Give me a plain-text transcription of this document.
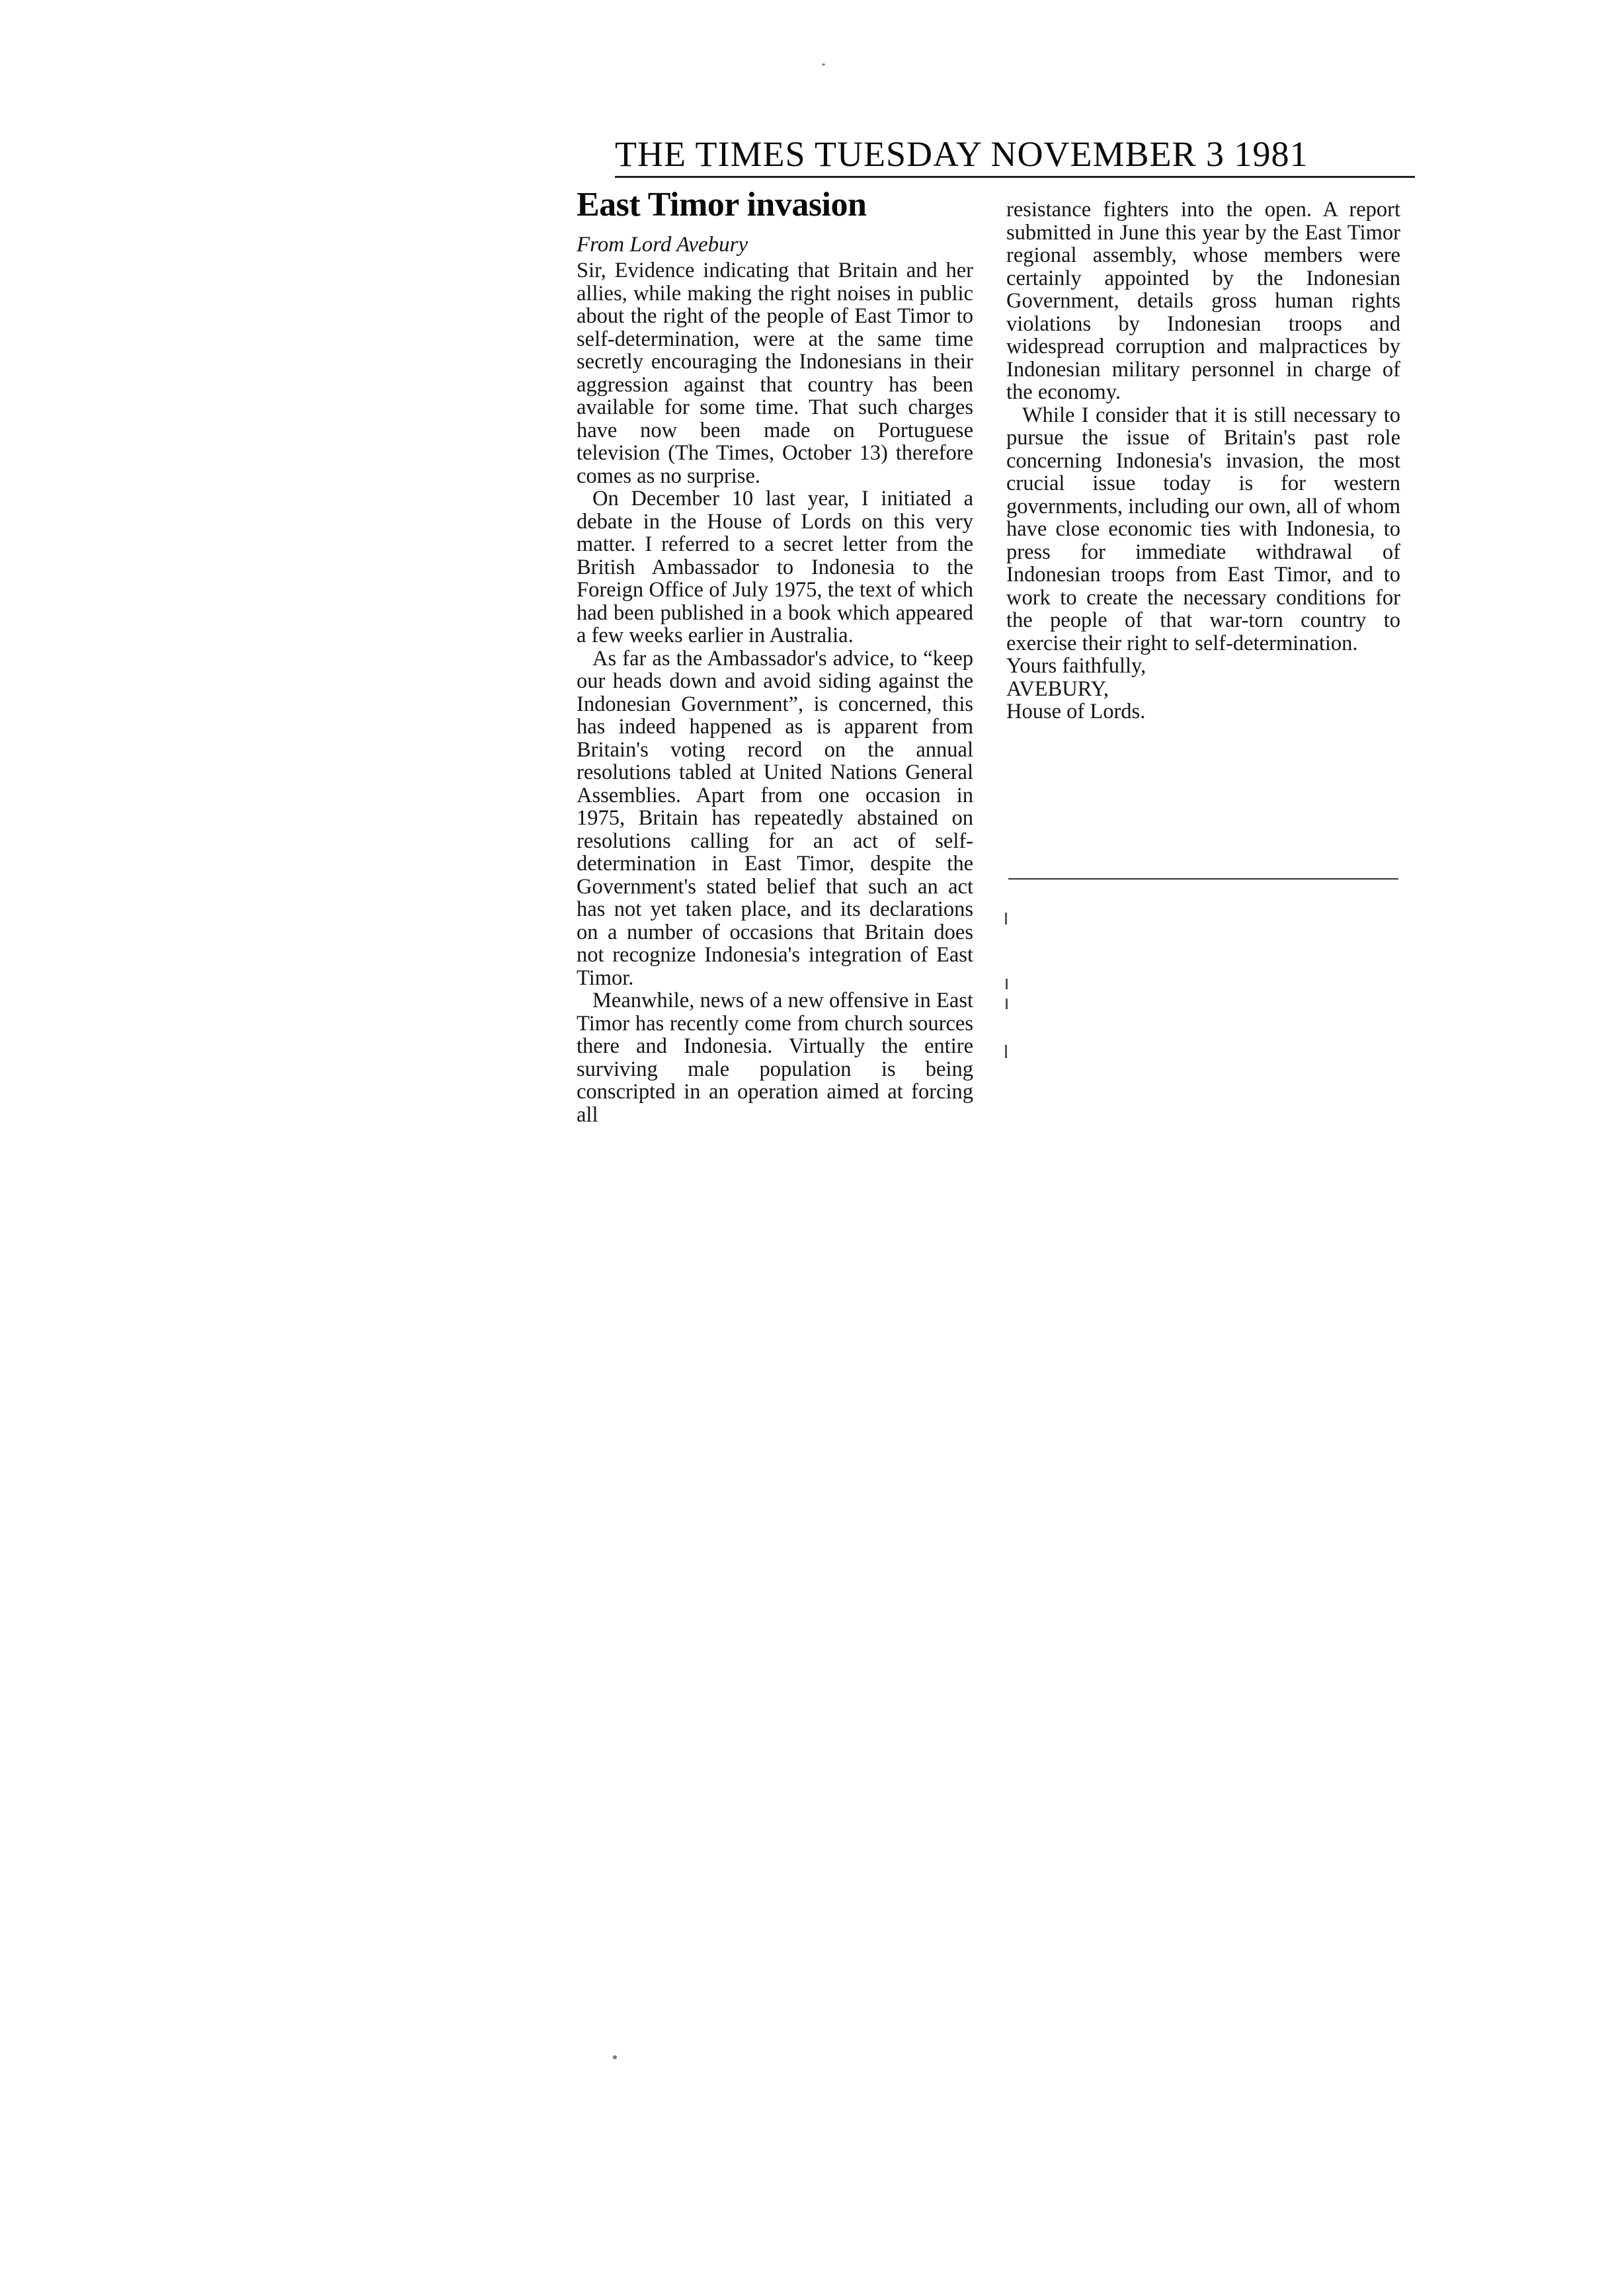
THE TIMES TUESDAY NOVEMBER 3 1981
East Timor invasion
From Lord Avebury

Sir, Evidence indicating that Britain and her allies, while making the right noises in public about the right of the people of East Timor to self-determination, were at the same time secretly encouraging the Indonesians in their aggression against that country has been available for some time. That such charges have now been made on Portuguese television (The Times, October 13) therefore comes as no surprise.

On December 10 last year, I initiated a debate in the House of Lords on this very matter. I referred to a secret letter from the British Ambassador to Indonesia to the Foreign Office of July 1975, the text of which had been published in a book which appeared a few weeks earlier in Australia.

As far as the Ambassador's advice, to “keep our heads down and avoid siding against the Indonesian Government”, is concerned, this has indeed happened as is apparent from Britain's voting record on the annual resolutions tabled at United Nations General Assemblies. Apart from one occasion in 1975, Britain has repeatedly abstained on resolutions calling for an act of self-determination in East Timor, despite the Government's stated belief that such an act has not yet taken place, and its declarations on a number of occasions that Britain does not recognize Indonesia's integration of East Timor.

Meanwhile, news of a new offensive in East Timor has recently come from church sources there and Indonesia. Virtually the entire surviving male population is being conscripted in an operation aimed at forcing all

resistance fighters into the open. A report submitted in June this year by the East Timor regional assembly, whose members were certainly appointed by the Indonesian Government, details gross human rights violations by Indonesian troops and widespread corruption and malpractices by Indonesian military personnel in charge of the economy.

While I consider that it is still necessary to pursue the issue of Britain's past role concerning Indonesia's invasion, the most crucial issue today is for western governments, including our own, all of whom have close economic ties with Indonesia, to press for immediate withdrawal of Indonesian troops from East Timor, and to work to create the necessary conditions for the people of that war-torn country to exercise their right to self-determination.

Yours faithfully,
AVEBURY,
House of Lords.
